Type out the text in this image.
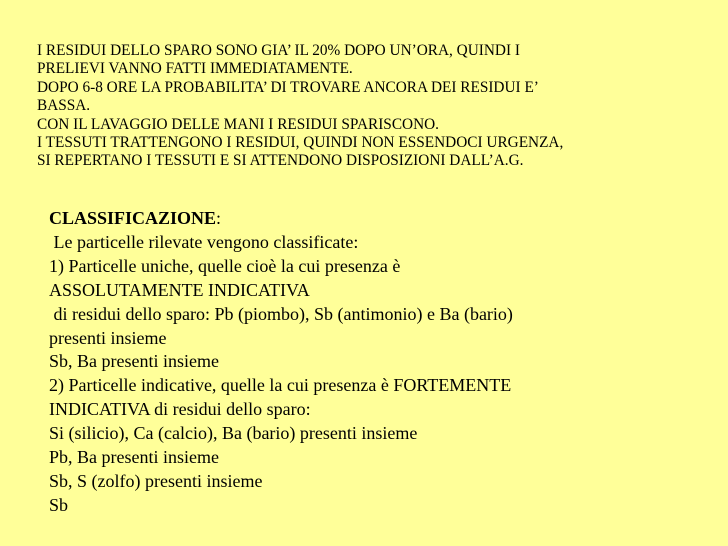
I RESIDUI DELLO SPARO SONO GIA’ IL 20% DOPO UN’ORA, QUINDI I
PRELIEVI VANNO FATTI IMMEDIATAMENTE.
DOPO 6-8 ORE LA PROBABILITA’ DI TROVARE ANCORA DEI RESIDUI E’
BASSA.
CON IL LAVAGGIO DELLE MANI I RESIDUI SPARISCONO.
I TESSUTI TRATTENGONO I RESIDUI, QUINDI NON ESSENDOCI URGENZA,
SI REPERTANO I TESSUTI E SI ATTENDONO DISPOSIZIONI DALL’A.G.
CLASSIFICAZIONE:
Le particelle rilevate vengono classificate:
1) Particelle uniche, quelle cioè la cui presenza è
ASSOLUTAMENTE INDICATIVA
di residui dello sparo: Pb (piombo), Sb (antimonio) e Ba (bario)
presenti insieme
Sb, Ba presenti insieme
2) Particelle indicative, quelle la cui presenza è FORTEMENTE
INDICATIVA di residui dello sparo:
Si (silicio), Ca (calcio), Ba (bario) presenti insieme
Pb, Ba presenti insieme
Sb, S (zolfo) presenti insieme
Sb
